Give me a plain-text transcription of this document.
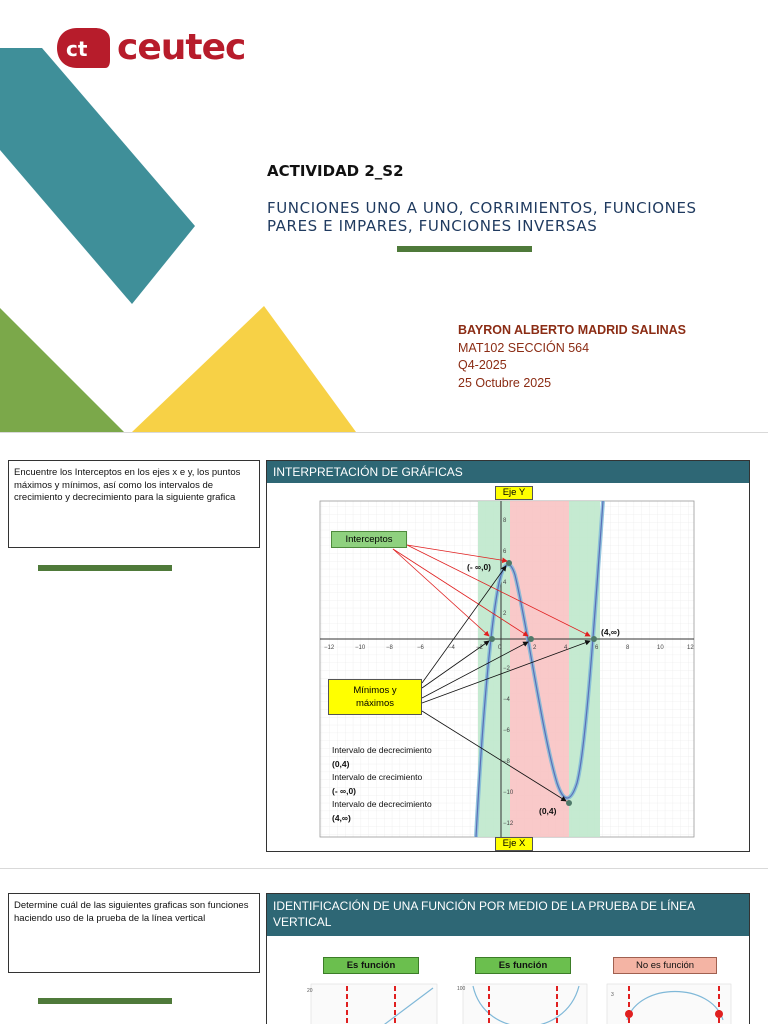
ct ceutec
ACTIVIDAD 2_S2
FUNCIONES UNO A UNO, CORRIMIENTOS, FUNCIONES
PARES E IMPARES, FUNCIONES INVERSAS
BAYRON ALBERTO MADRID SALINAS
MAT102 SECCIÓN 564
Q4-2025
25 Octubre 2025
Encuentre los Interceptos en los ejes x e y, los puntos máximos y mínimos, así como los intervalos de crecimiento y decrecimiento para la siguiente grafica
INTERPRETACIÓN DE GRÁFICAS
−12	−10	−8	−6	−4	−2	0	2	4	6	8	10	12
8
6
4
2
−2
−4
−6
−8
−10
−12
(- ∞,0)
(4,∞)
(0,4)
Intervalo de decrecimiento
(0,4)
Intervalo de crecimiento
(- ∞,0)
Intervalo de decrecimiento
(4,∞)
Eje Y
Eje X
Interceptos
Mínimos y
máximos
Determine cuál de las siguientes graficas son funciones haciendo uso de la prueba de la línea vertical
IDENTIFICACIÓN DE UNA FUNCIÓN POR MEDIO DE LA PRUEBA DE LÍNEA VERTICAL
Es función	Es función	No es función
20	100
3
